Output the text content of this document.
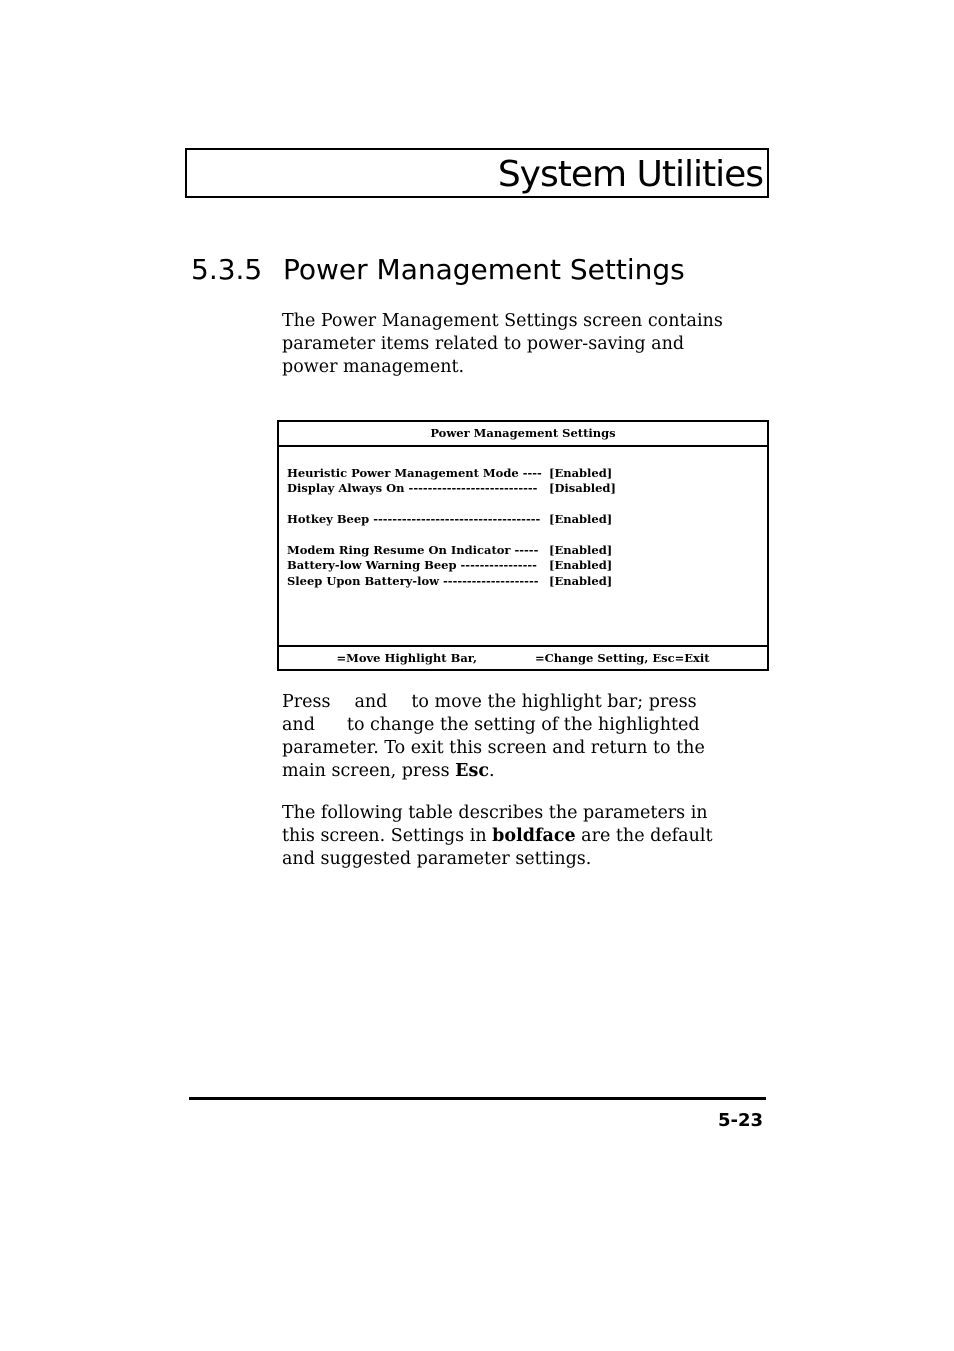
System Utilities
5.3.5 Power Management Settings
The Power Management Settings screen contains
parameter items related to power-saving and
power management.
Power Management Settings
Heuristic Power Management Mode ---- [Enabled]
Display Always On --------------------------- [Disabled]
Hotkey Beep ----------------------------------- [Enabled]
Modem Ring Resume On Indicator ----- [Enabled]
Battery-low Warning Beep ---------------- [Enabled]
Sleep Upon Battery-low -------------------- [Enabled]
=Move Highlight Bar,	=Change Setting, Esc=Exit
Press and to move the highlight bar; press
and to change the setting of the highlighted
parameter. To exit this screen and return to the
main screen, press Esc.
The following table describes the parameters in
this screen. Settings in boldface are the default
and suggested parameter settings.
5-23
